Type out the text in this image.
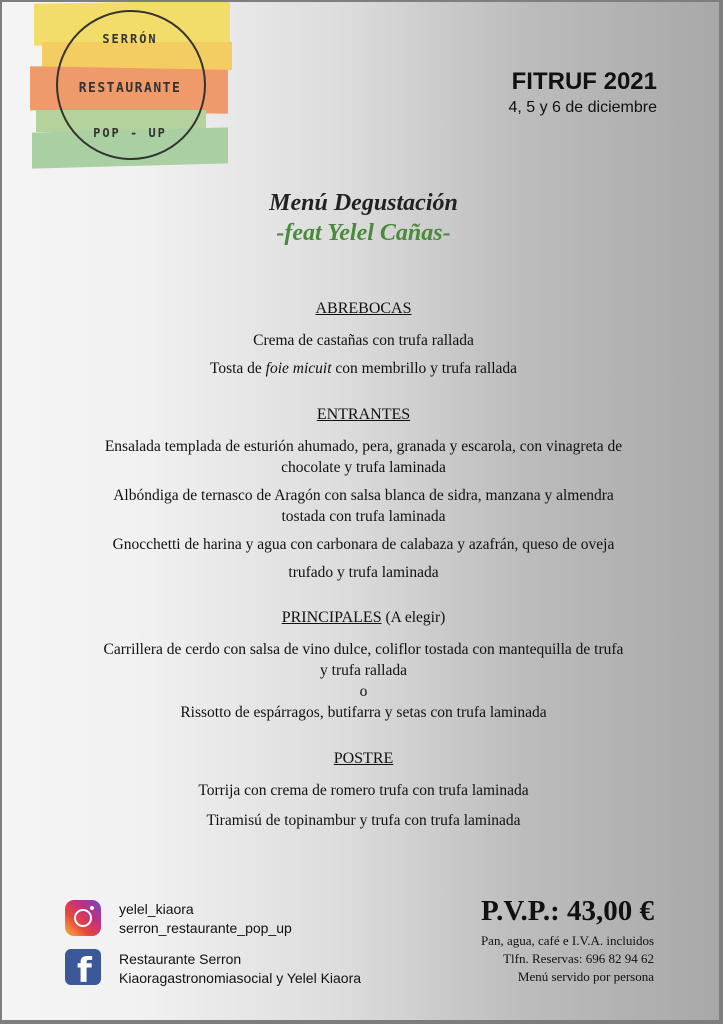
SERRÓN
RESTAURANTE
POP - UP
FITRUF 2021
4, 5 y 6 de diciembre
Menú Degustación
-feat Yelel Cañas-
ABREBOCAS
Crema de castañas con trufa rallada
Tosta de foie micuit con membrillo y trufa rallada
ENTRANTES
Ensalada templada de esturión ahumado, pera, granada y escarola, con vinagreta de
chocolate y trufa laminada
Albóndiga de ternasco de Aragón con salsa blanca de sidra, manzana y almendra
tostada con trufa laminada
Gnocchetti de harina y agua con carbonara de calabaza y azafrán, queso de oveja
trufado y trufa laminada
PRINCIPALES (A elegir)
Carrillera de cerdo con salsa de vino dulce, coliflor tostada con mantequilla de trufa
y trufa rallada
o
Rissotto de espárragos, butifarra y setas con trufa laminada
POSTRE
Torrija con crema de romero trufa con trufa laminada
Tiramisú de topinambur y trufa con trufa laminada
yelel_kiaora
serron_restaurante_pop_up
f Restaurante Serron
Kiaoragastronomiasocial y Yelel Kiaora
P.V.P.: 43,00 €
Pan, agua, café e I.V.A. incluidos
Tlfn. Reservas: 696 82 94 62
Menú servido por persona
